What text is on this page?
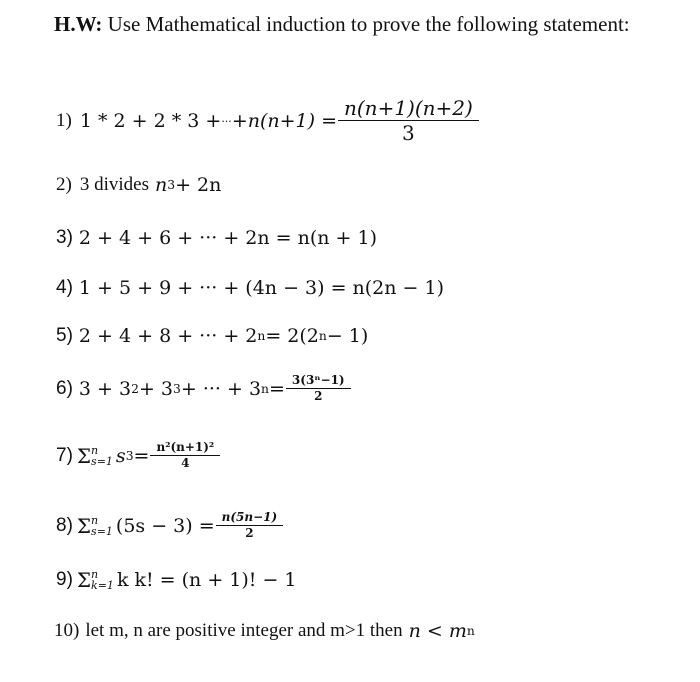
H.W: Use Mathematical induction to prove the following statement:
1) 1 * 2 + 2 * 3 + ··· $+n(n+1) = \frac{n(n+1)(n+2)}{3}$
2) 3 divides n 3 + 2n
3) 2 + 4 + 6 + ··· + 2n = n(n + 1)
4) 1 + 5 + 9 + ··· + (4n − 3) = n(2n − 1)
5) 2 + 4 + 8 + ··· + 2 n = 2(2 n − 1)
6) 3 + 3 2 + 3 3 + ··· + 3 $n = \frac{\text{3(3ⁿ−1)}}{2}$
7) Σ n
s=1 s $3 = \frac{\text{n²(n+1)²}}{4}$
8) Σ n
s=1 $(5s - 3) = \frac{n(5n-1)}{2}$
9) Σ n
k=1 k k! = (n + 1)! − 1
10) let m, n are positive integer and m>1 then n < m n
